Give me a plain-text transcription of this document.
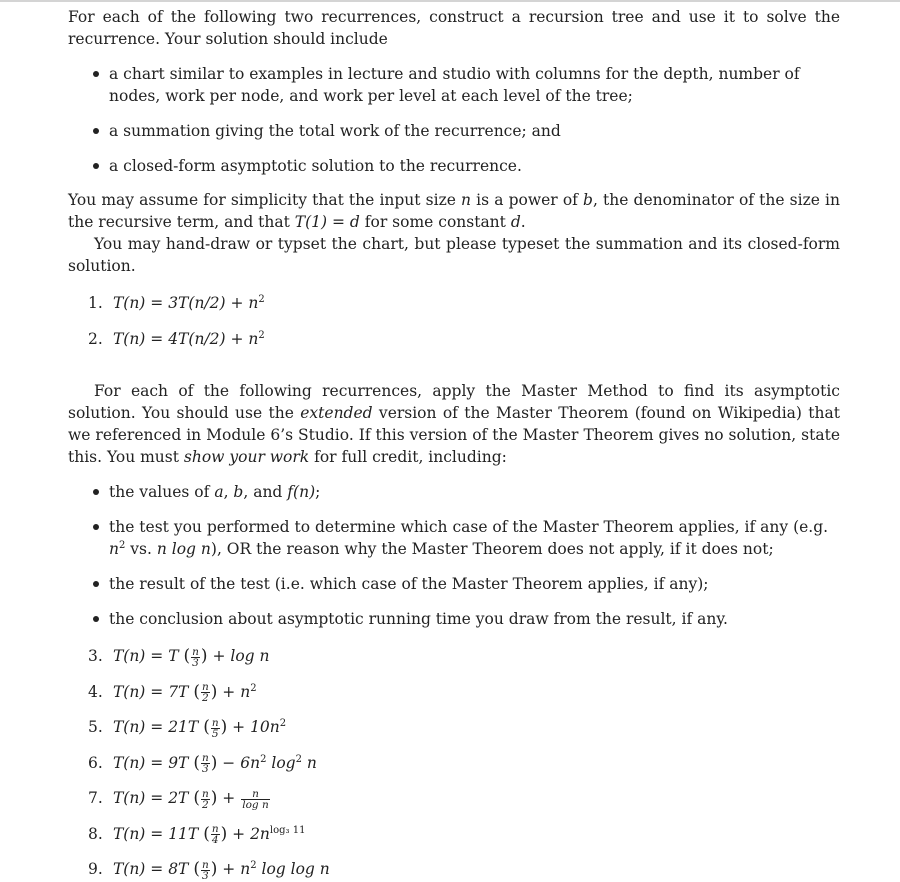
For each of the following two recurrences, construct a recursion tree and use it to solve the recurrence. Your solution should include

a chart similar to examples in lecture and studio with columns for the depth, number of nodes, work per node, and work per level at each level of the tree;
a summation giving the total work of the recurrence; and
a closed-form asymptotic solution to the recurrence.

You may assume for simplicity that the input size n is a power of b, the denominator of the size in the recursive term, and that T(1) = d for some constant d.

You may hand-draw or typset the chart, but please typeset the summation and its closed-form solution.

1. $T(n) = 3T(n/2) + n^2$
2. $T(n) = 4T(n/2) + n^2$

For each of the following recurrences, apply the Master Method to find its asymptotic solution. You should use the extended version of the Master Theorem (found on Wikipedia) that we referenced in Module 6’s Studio. If this version of the Master Theorem gives no solution, state this. You must show your work for full credit, including:

the values of a, b, and f(n);
the test you performed to determine which case of the Master Theorem applies, if any (e.g. $n^2$ vs. n log n), OR the reason why the Master Theorem does not apply, if it does not;
the result of the test (i.e. which case of the Master Theorem applies, if any);
the conclusion about asymptotic running time you draw from the result, if any.
3. T(n) = T ( $\frac{n}{3}$ ) + log n
4. T(n) = 7T ( $\frac{n}{2}$ ) + $n^2$
5. T(n) = 21T ( $\frac{n}{5}$ ) + $10n^2$
6. T(n) = 9T ( $\frac{n}{3}$ ) − $6n^2$ $\log^2 n$
7. T(n) = 2T ( $\frac{n}{2}$ ) + $\frac{n}{\text{log n}}$
8. T(n) = 11T ( $\frac{n}{4}$ ) + $2n^{log_3 11}$
9. T(n) = 8T ( $\frac{n}{3}$ ) + $n^2$ log log n
